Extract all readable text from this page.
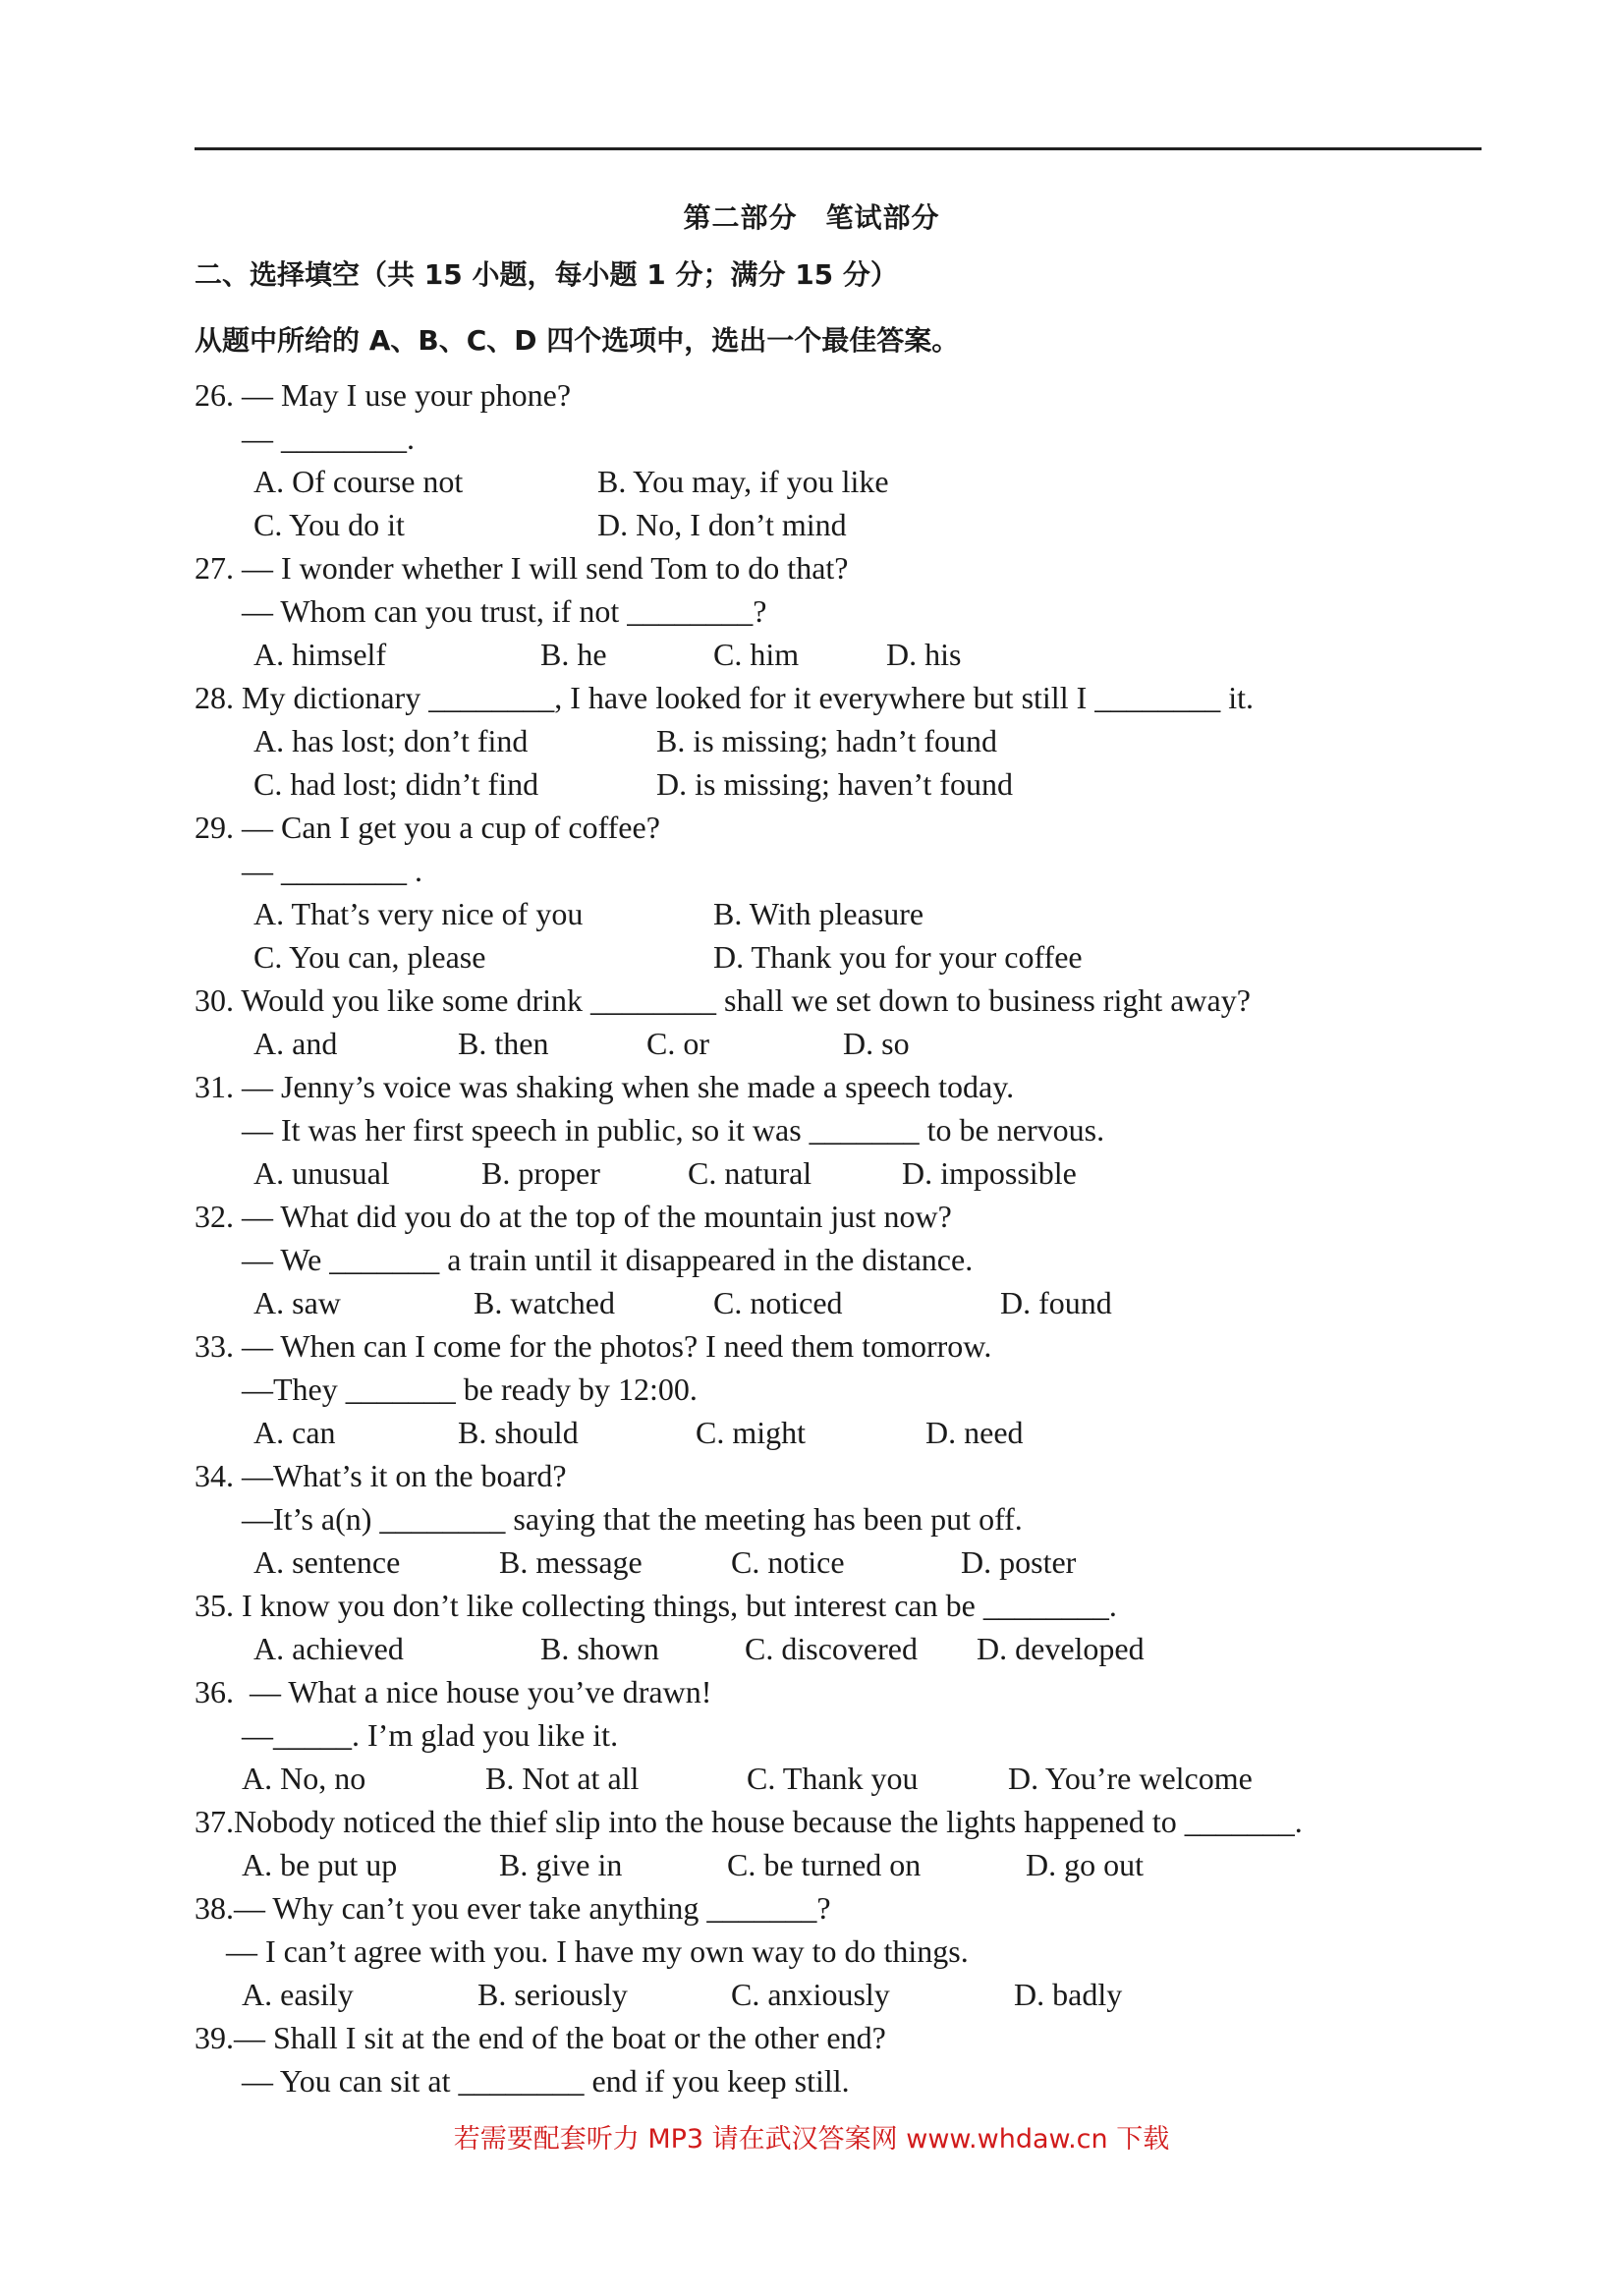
第二部分　笔试部分
二、选择填空（共 15 小题，每小题 1 分；满分 15 分）
从题中所给的 A、B、C、D 四个选项中，选出一个最佳答案。
26. — May I use your phone?
— ________.
A. Of course not	B. You may, if you like
C. You do it	D. No, I don’t mind
27. — I wonder whether I will send Tom to do that?
— Whom can you trust, if not ________?
A. himself	B. he	C. him	D. his
28. My dictionary ________, I have looked for it everywhere but still I ________ it.
A. has lost; don’t find	B. is missing; hadn’t found
C. had lost; didn’t find	D. is missing; haven’t found
29. — Can I get you a cup of coffee?
— ________ .
A. That’s very nice of you	B. With pleasure
C. You can, please	D. Thank you for your coffee
30. Would you like some drink ________ shall we set down to business right away?
A. and	B. then	C. or	D. so
31. — Jenny’s voice was shaking when she made a speech today.
— It was her first speech in public, so it was _______ to be nervous.
A. unusual	B. proper	C. natural	D. impossible
32. — What did you do at the top of the mountain just now?
— We _______ a train until it disappeared in the distance.
A. saw	B. watched	C. noticed	D. found
33. — When can I come for the photos? I need them tomorrow.
—They _______ be ready by 12:00.
A. can	B. should	C. might	D. need
34. —What’s it on the board?
—It’s a(n) ________ saying that the meeting has been put off.
A. sentence	B. message	C. notice	D. poster
35. I know you don’t like collecting things, but interest can be ________.
A. achieved	B. shown	C. discovered D. developed
36.  — What a nice house you’ve drawn!
—_____. I’m glad you like it.
A. No, no	B. Not at all	C. Thank you	D. You’re welcome
37.Nobody noticed the thief slip into the house because the lights happened to _______.
A. be put up	B. give in	C. be turned on	D. go out
38.— Why can’t you ever take anything _______?
— I can’t agree with you. I have my own way to do things.
A. easily	B. seriously	C. anxiously	D. badly
39.— Shall I sit at the end of the boat or the other end?
— You can sit at ________ end if you keep still.
若需要配套听力 MP3 请在武汉答案网 www.whdaw.cn 下载
